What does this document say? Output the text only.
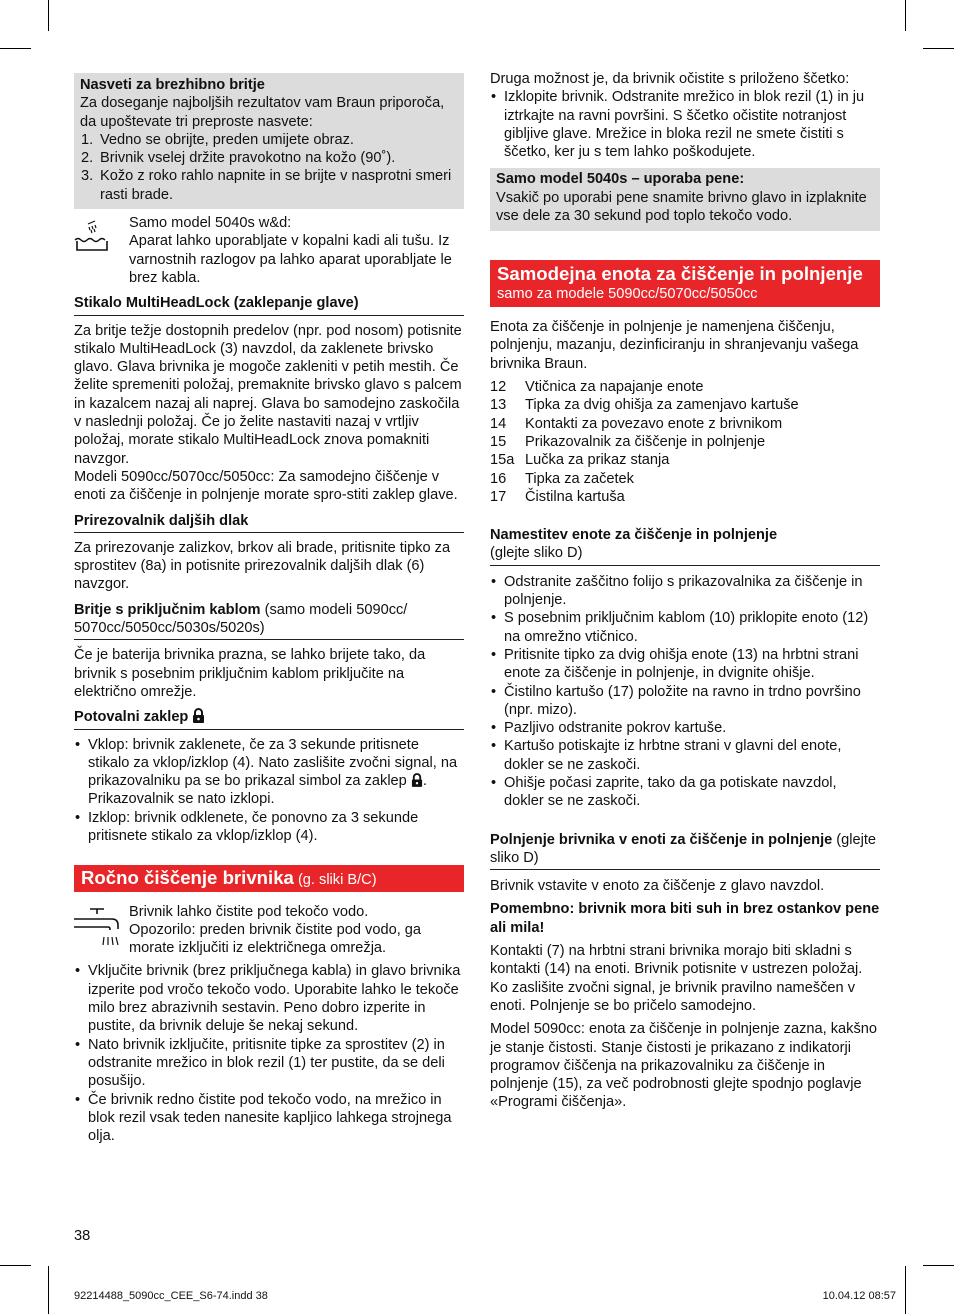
Nasveti za brezhibno britje

Za doseganje najboljših rezultatov vam Braun priporoča, da upoštevate tri preproste nasvete:

1. Vedno se obrijte, preden umijete obraz.
2. Brivnik vselej držite pravokotno na kožo (90˚).
3. Kožo z roko rahlo napnite in se brijte v nasprotni smeri rasti brade.

Samo model 5040s w&d:

Aparat lahko uporabljate v kopalni kadi ali tušu. Iz varnostnih razlogov pa lahko aparat uporabljate le brez kabla.

Stikalo MultiHeadLock (zaklepanje glave)

Za britje težje dostopnih predelov (npr. pod nosom) potisnite stikalo MultiHeadLock (3) navzdol, da zaklenete brivsko glavo. Glava brivnika je mogoče zakleniti v petih mestih. Če želite spremeniti položaj, premaknite brivsko glavo s palcem in kazalcem nazaj ali naprej. Glava bo samodejno zaskočila v naslednji položaj. Če jo želite nastaviti nazaj v vrtljiv položaj, morate stikalo MultiHeadLock znova pomakniti navzgor.

Modeli 5090cc/5070cc/5050cc: Za samodejno čiščenje v enoti za čiščenje in polnjenje morate spro-stiti zaklep glave.

Prirezovalnik daljših dlak

Za prirezovanje zalizkov, brkov ali brade, pritisnite tipko za sprostitev (8a) in potisnite prirezovalnik daljših dlak (6) navzgor.

Britje s priključnim kablom (samo modeli 5090cc/ 5070cc/5050cc/5030s/5020s)

Če je baterija brivnika prazna, se lahko brijete tako, da brivnik s posebnim priključnim kablom priključite na električno omrežje.

Potovalni zaklep

• Vklop: brivnik zaklenete, če za 3 sekunde pritisnete stikalo za vklop/izklop (4). Nato zaslišite zvočni signal, na prikazovalniku pa se bo prikazal simbol za zaklep . Prikazovalnik se nato izklopi.
• Izklop: brivnik odklenete, če ponovno za 3 sekunde pritisnete stikalo za vklop/izklop (4).
Ročno čiščenje brivnika (g. sliki B/C)

Brivnik lahko čistite pod tekočo vodo.

Opozorilo: preden brivnik čistite pod vodo, ga morate izključiti iz električnega omrežja.

• Vključite brivnik (brez priključnega kabla) in glavo brivnika izperite pod vročo tekočo vodo. Uporabite lahko le tekoče milo brez abrazivnih sestavin. Peno dobro izperite in pustite, da brivnik deluje še nekaj sekund.
• Nato brivnik izključite, pritisnite tipke za sprostitev (2) in odstranite mrežico in blok rezil (1) ter pustite, da se deli posušijo.
• Če brivnik redno čistite pod tekočo vodo, na mrežico in blok rezil vsak teden nanesite kapljico lahkega strojnega olja.

Druga možnost je, da brivnik očistite s priloženo ščetko:

• Izklopite brivnik. Odstranite mrežico in blok rezil (1) in ju iztrkajte na ravni površini. S ščetko očistite notranjost gibljive glave. Mrežice in bloka rezil ne smete čistiti s ščetko, ker ju s tem lahko poškodujete.

Samo model 5040s – uporaba pene:

Vsakič po uporabi pene snamite brivno glavo in izplaknite vse dele za 30 sekund pod toplo tekočo vodo.

Samodejna enota za čiščenje in polnjenje
samo za modele 5090cc/5070cc/5050cc

Enota za čiščenje in polnjenje je namenjena čiščenju, polnjenju, mazanju, dezinficiranju in shranjevanju vašega brivnika Braun.

12	Vtičnica za napajanje enote
13	Tipka za dvig ohišja za zamenjavo kartuše
14	Kontakti za povezavo enote z brivnikom
15	Prikazovalnik za čiščenje in polnjenje
15a	Lučka za prikaz stanja
16	Tipka za začetek
17	Čistilna kartuša

Namestitev enote za čiščenje in polnjenje

(glejte sliko D)

• Odstranite zaščitno folijo s prikazovalnika za čiščenje in polnjenje.
• S posebnim priključnim kablom (10) priklopite enoto (12) na omrežno vtičnico.
• Pritisnite tipko za dvig ohišja enote (13) na hrbtni strani enote za čiščenje in polnjenje, in dvignite ohišje.
• Čistilno kartušo (17) položite na ravno in trdno površino (npr. mizo).
• Pazljivo odstranite pokrov kartuše.
• Kartušo potiskajte iz hrbtne strani v glavni del enote, dokler se ne zaskoči.
• Ohišje počasi zaprite, tako da ga potiskate navzdol, dokler se ne zaskoči.

Polnjenje brivnika v enoti za čiščenje in polnjenje (glejte sliko D)

Brivnik vstavite v enoto za čiščenje z glavo navzdol.

Pomembno: brivnik mora biti suh in brez ostankov pene ali mila!

Kontakti (7) na hrbtni strani brivnika morajo biti skladni s kontakti (14) na enoti. Brivnik potisnite v ustrezen položaj.

Ko zaslišite zvočni signal, je brivnik pravilno nameščen v enoti. Polnjenje se bo pričelo samodejno.

Model 5090cc: enota za čiščenje in polnjenje zazna, kakšno je stanje čistosti. Stanje čistosti je prikazano z indikatorji programov čiščenja na prikazovalniku za čiščenje in polnjenje (15), za več podrobnosti glejte spodnjo poglavje «Programi čiščenja».

38
92214488_5090cc_CEE_S6-74.indd 38	10.04.12 08:57
